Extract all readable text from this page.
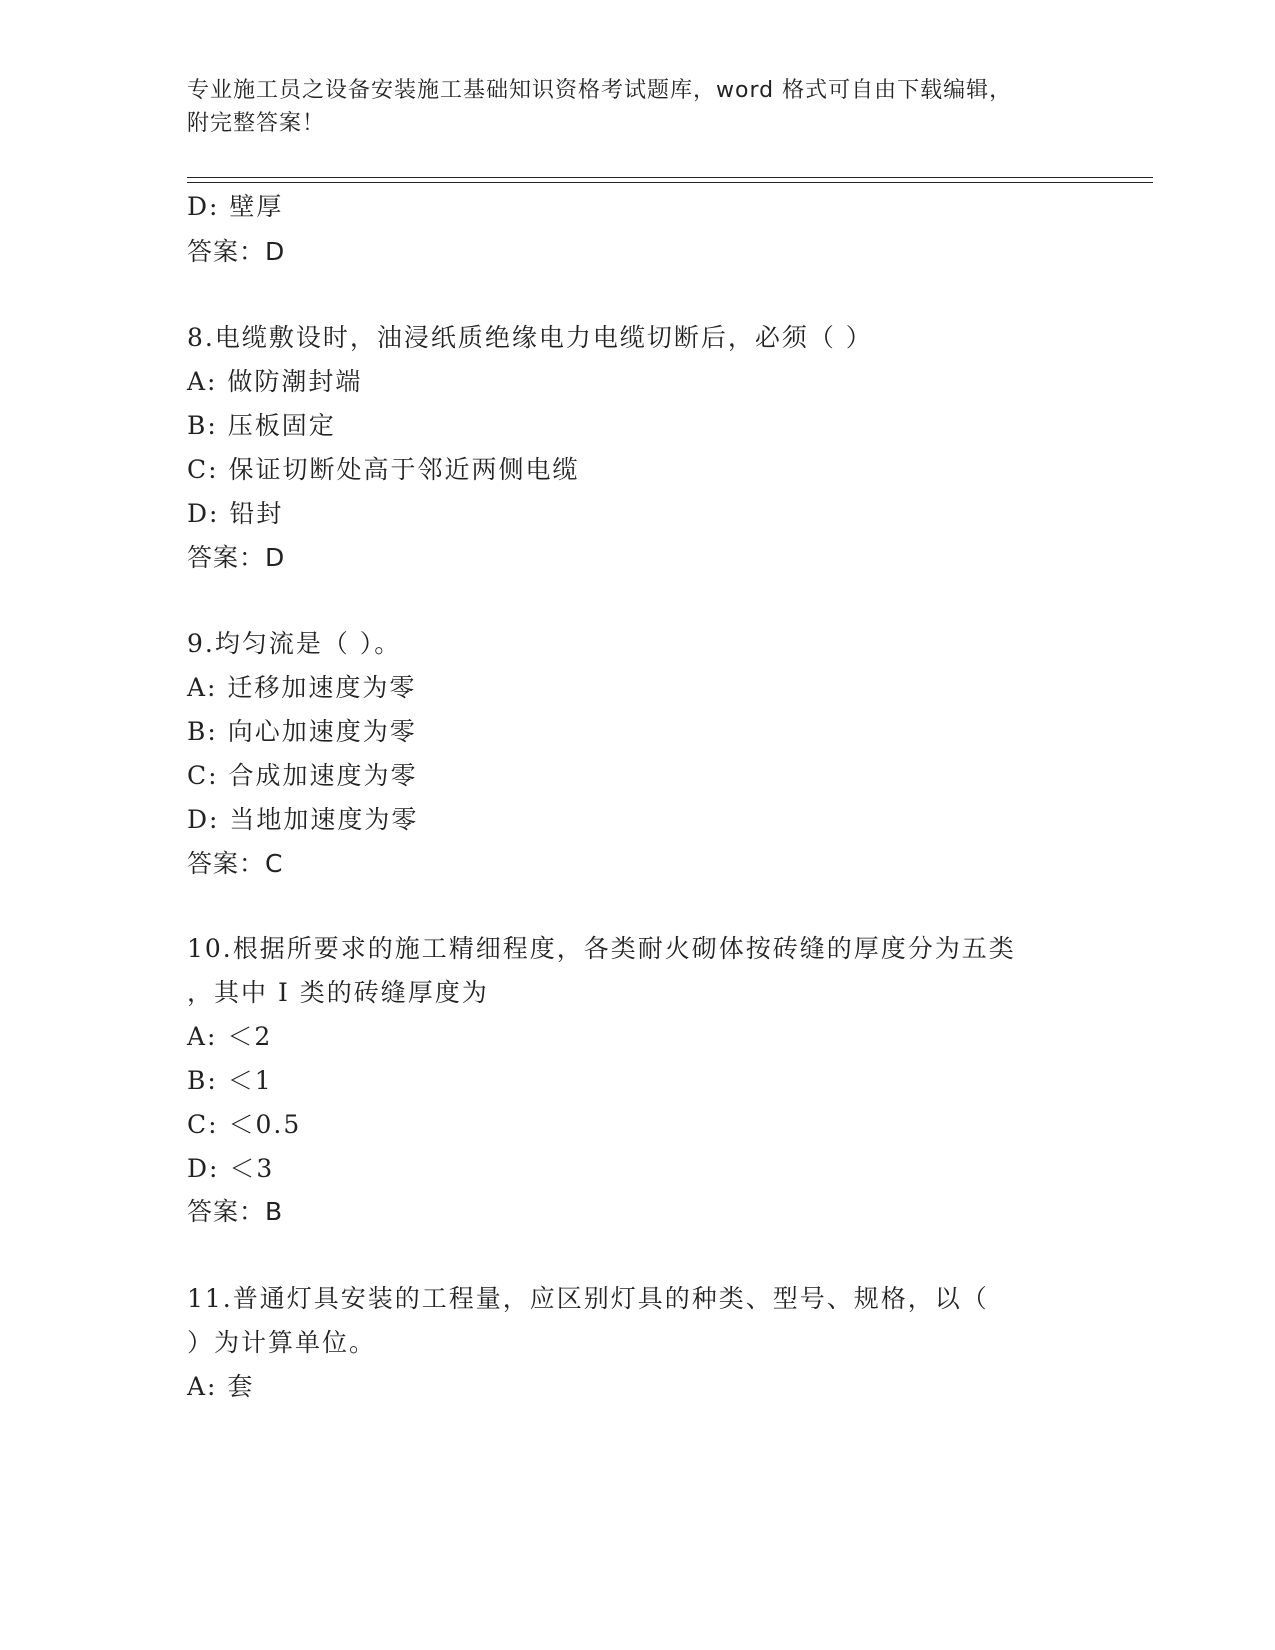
专业施工员之设备安装施工基础知识资格考试题库，word 格式可自由下载编辑，
附完整答案！
D: 壁厚
答案：D
8.电缆敷设时，油浸纸质绝缘电力电缆切断后，必须（ ）
A: 做防潮封端
B: 压板固定
C: 保证切断处高于邻近两侧电缆
D: 铅封
答案：D
9.均匀流是（ ）。
A: 迁移加速度为零
B: 向心加速度为零
C: 合成加速度为零
D: 当地加速度为零
答案：C
10.根据所要求的施工精细程度，各类耐火砌体按砖缝的厚度分为五类
，其中 I 类的砖缝厚度为
A: ＜2
B: ＜1
C: ＜0.5
D: ＜3
答案：B
11.普通灯具安装的工程量，应区别灯具的种类、型号、规格，以（
）为计算单位。
A: 套
